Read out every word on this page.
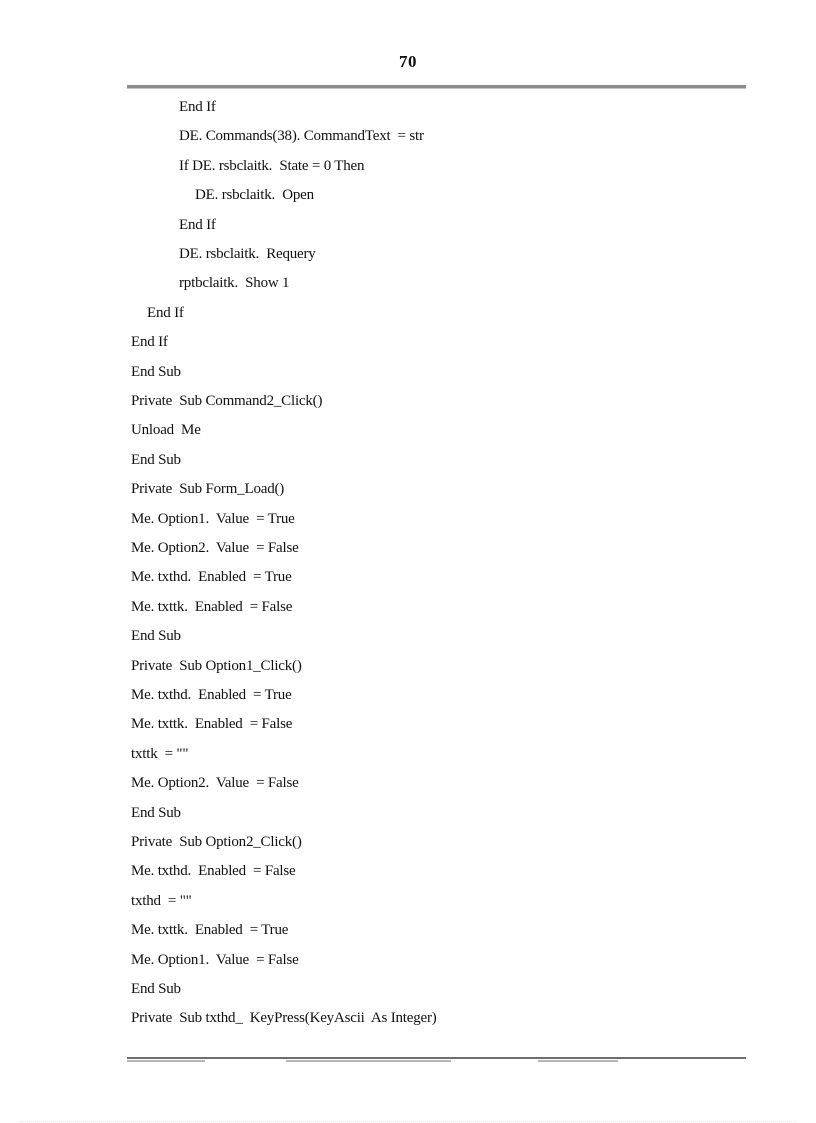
70
End If
DE. Commands(38). CommandText  = str
If DE. rsbclaitk.  State = 0 Then
DE. rsbclaitk.  Open
End If
DE. rsbclaitk.  Requery
rptbclaitk.  Show 1
End If
End If
End Sub
Private  Sub Command2_Click()
Unload  Me
End Sub
Private  Sub Form_Load()
Me. Option1.  Value  = True
Me. Option2.  Value  = False
Me. txthd.  Enabled  = True
Me. txttk.  Enabled  = False
End Sub
Private  Sub Option1_Click()
Me. txthd.  Enabled  = True
Me. txttk.  Enabled  = False
txttk  = ""
Me. Option2.  Value  = False
End Sub
Private  Sub Option2_Click()
Me. txthd.  Enabled  = False
txthd  = ""
Me. txttk.  Enabled  = True
Me. Option1.  Value  = False
End Sub
Private  Sub txthd_  KeyPress(KeyAscii  As Integer)
